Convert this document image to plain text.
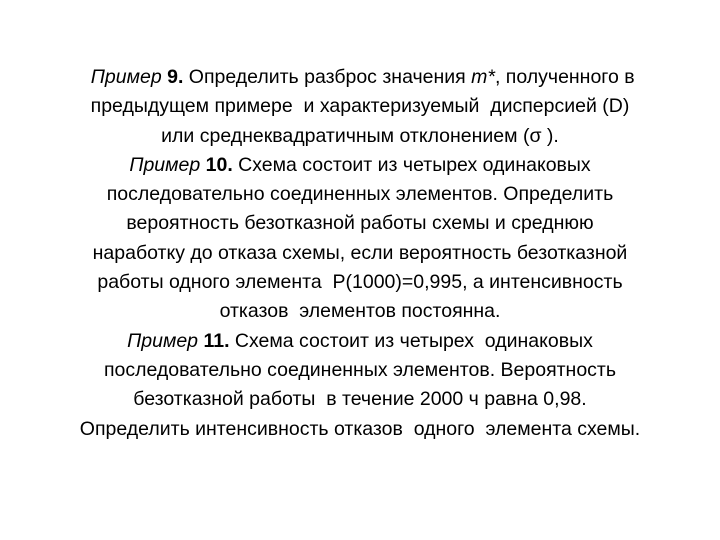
Пример 9. Определить разброс значения m*, полученного в
предыдущем примере  и характеризуемый  дисперсией (D)
или среднеквадратичным отклонением (σ ).
Пример 10. Схема состоит из четырех одинаковых
последовательно соединенных элементов. Определить
вероятность безотказной работы схемы и среднюю
наработку до отказа схемы, если вероятность безотказной
работы одного элемента  P(1000)=0,995, а интенсивность
отказов  элементов постоянна.
Пример 11. Схема состоит из четырех  одинаковых
последовательно соединенных элементов. Вероятность
безотказной работы  в течение 2000 ч равна 0,98.
Определить интенсивность отказов  одного  элемента схемы.
